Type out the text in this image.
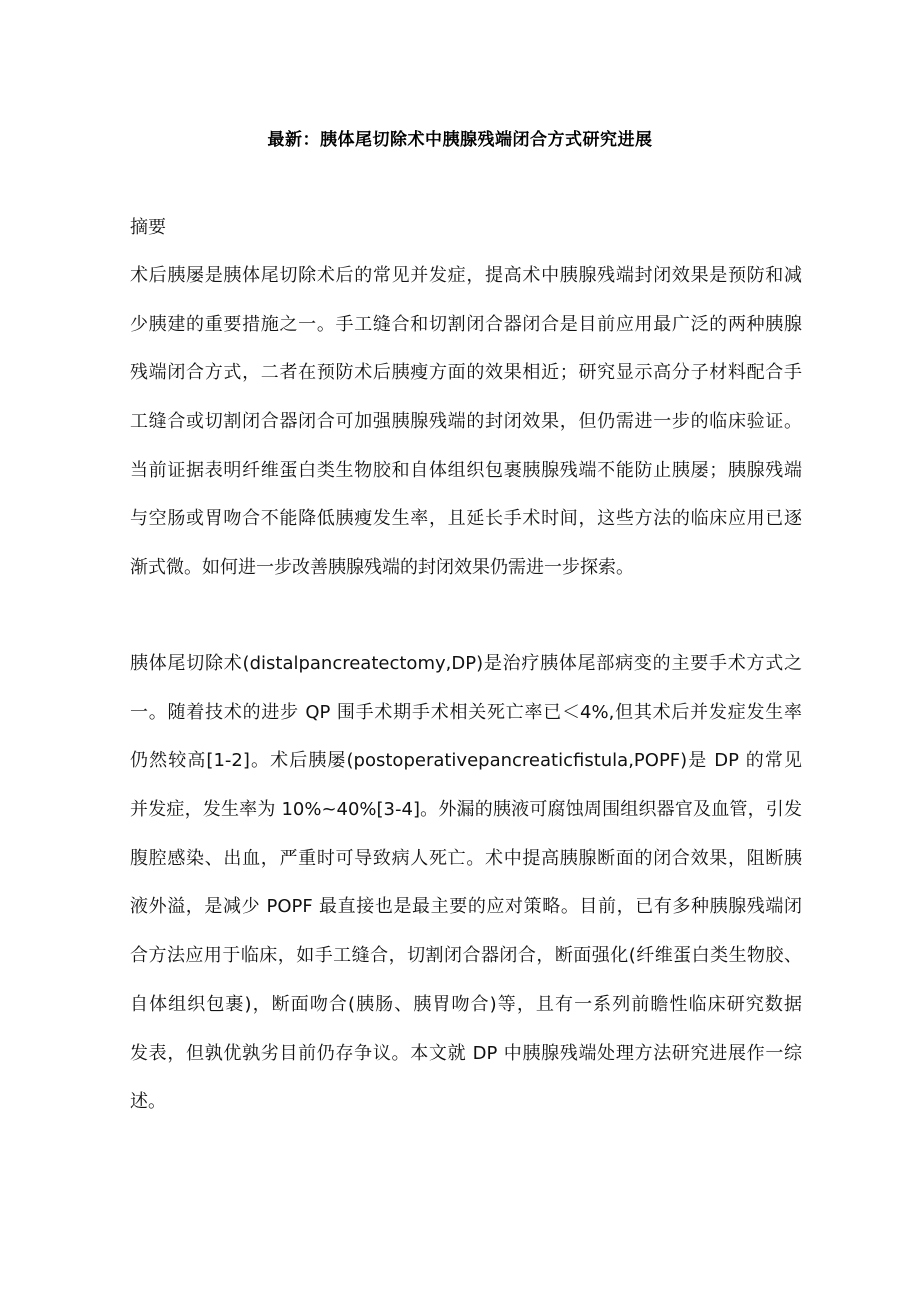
最新：胰体尾切除术中胰腺残端闭合方式研究进展
摘要
术后胰屡是胰体尾切除术后的常见并发症，提高术中胰腺残端封闭效果是预防和减
少胰建的重要措施之一。手工缝合和切割闭合器闭合是目前应用最广泛的两种胰腺
残端闭合方式，二者在预防术后胰瘦方面的效果相近；研究显示高分子材料配合手
工缝合或切割闭合器闭合可加强胰腺残端的封闭效果，但仍需进一步的临床验证。
当前证据表明纤维蛋白类生物胶和自体组织包裹胰腺残端不能防止胰屡；胰腺残端
与空肠或胃吻合不能降低胰瘦发生率，且延长手术时间，这些方法的临床应用已逐
渐式微。如何进一步改善胰腺残端的封闭效果仍需进一步探索。
胰体尾切除术(distalpancreatectomy,DP)是治疗胰体尾部病变的主要手术方式之
一。随着技术的进步 QP 围手术期手术相关死亡率已＜4%,但其术后并发症发生率
仍然较高[1-2]。术后胰屡(postoperativepancreaticfistula,POPF)是 DP 的常见
并发症，发生率为 10%~40%[3-4]。外漏的胰液可腐蚀周围组织器官及血管，引发
腹腔感染、出血，严重时可导致病人死亡。术中提高胰腺断面的闭合效果，阻断胰
液外溢，是减少 POPF 最直接也是最主要的应对策略。目前，已有多种胰腺残端闭
合方法应用于临床，如手工缝合，切割闭合器闭合，断面强化(纤维蛋白类生物胶、
自体组织包裹)，断面吻合(胰肠、胰胃吻合)等，且有一系列前瞻性临床研究数据
发表，但孰优孰劣目前仍存争议。本文就 DP 中胰腺残端处理方法研究进展作一综
述。
